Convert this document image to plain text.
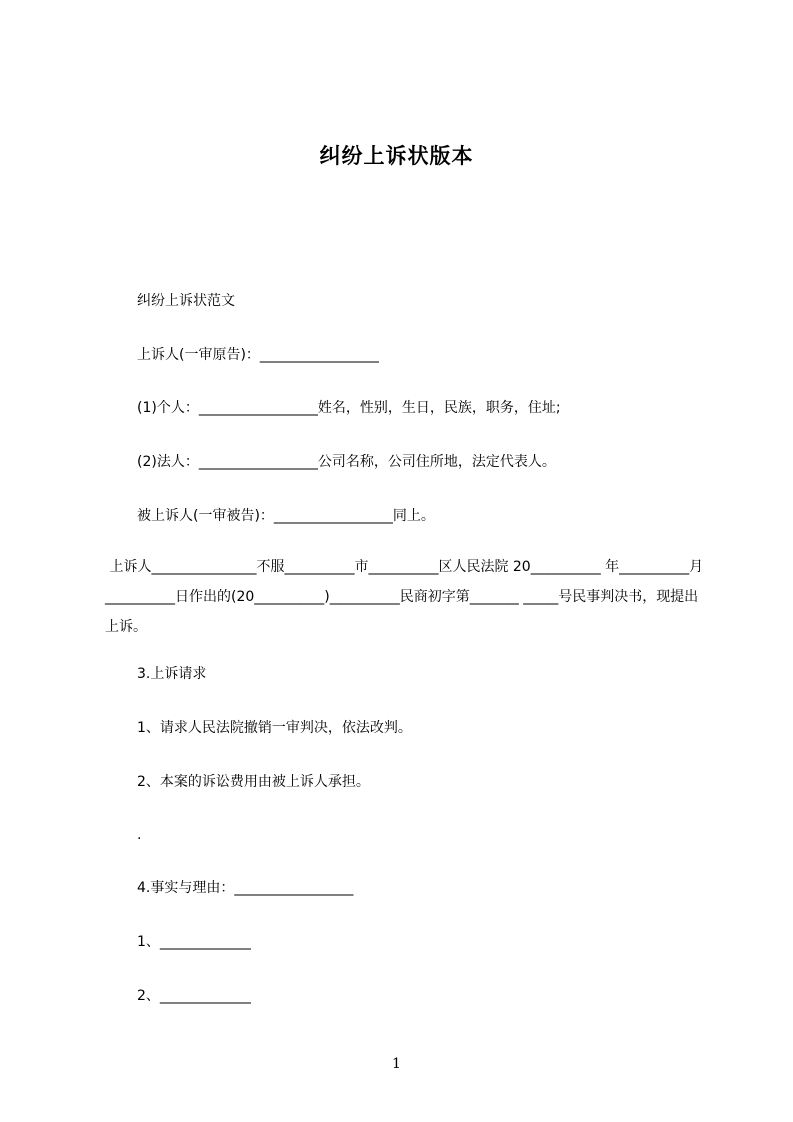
纠纷上诉状版本
纠纷上诉状范文
上诉人(一审原告)：_________________
(1)个人：_________________姓名，性别，生日，民族，职务，住址;
(2)法人：_________________公司名称，公司住所地，法定代表人。
被上诉人(一审被告)：_________________同上。
上诉人_______________不服__________市__________区人民法院 20__________ 年__________月__________日作出的(20__________)__________民商初字第_______ _____号民事判决书，现提出上诉。
3.上诉请求
1、请求人民法院撤销一审判决，依法改判。
2、本案的诉讼费用由被上诉人承担。
.
4.事实与理由：_________________
1、_____________
2、_____________
1
